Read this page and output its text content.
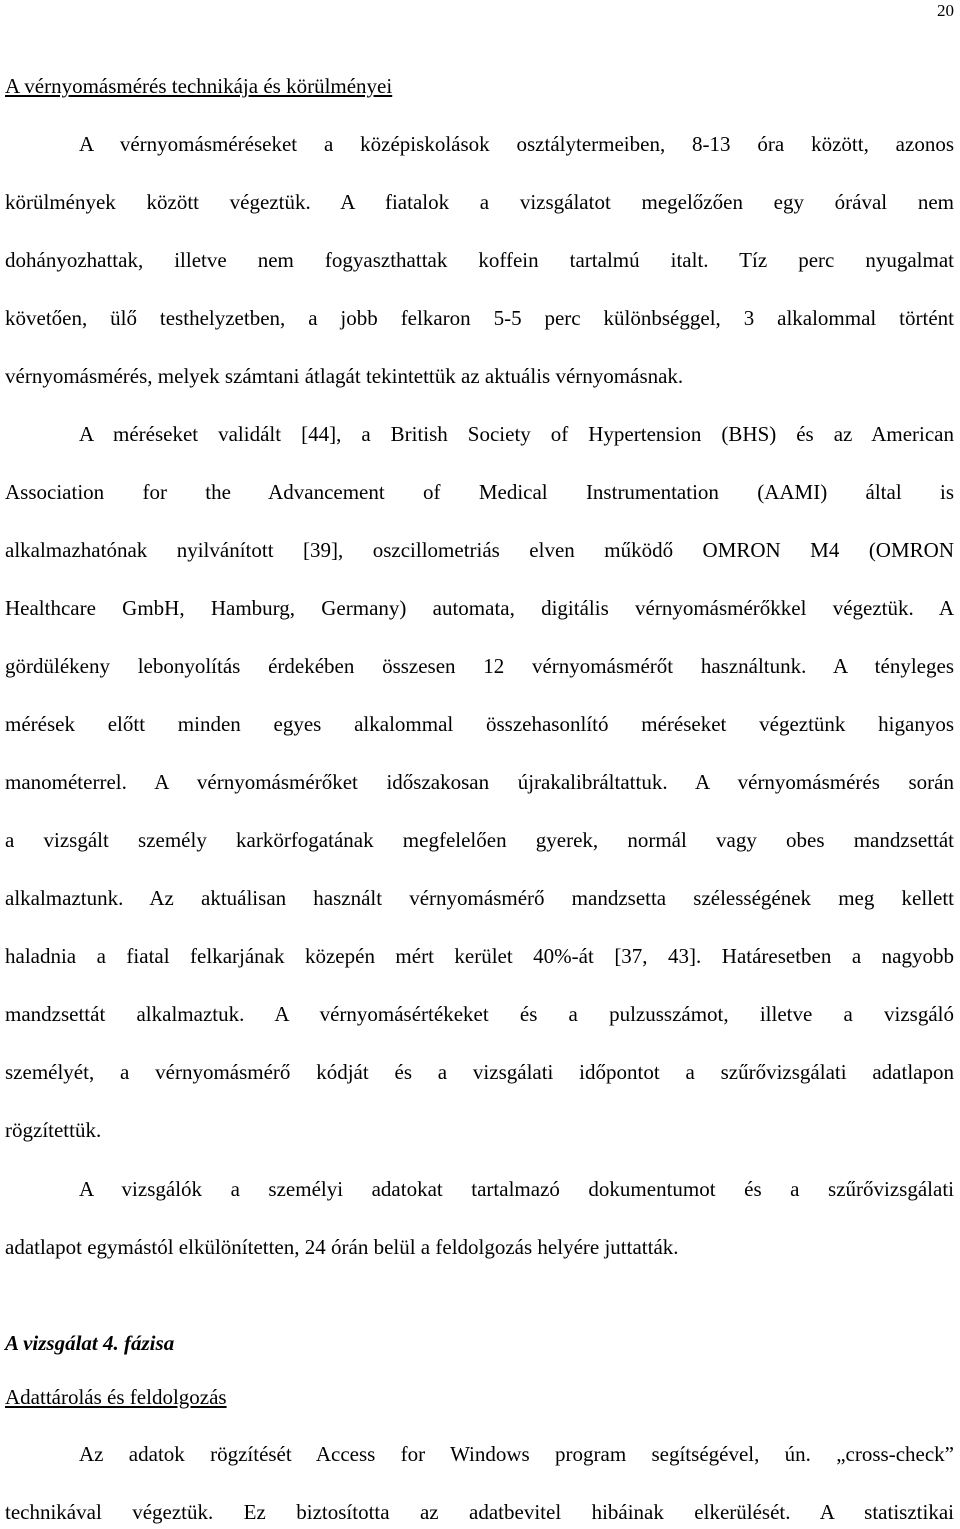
20
A vérnyomásmérés technikája és körülményei
A vérnyomásméréseket a középiskolások osztálytermeiben, 8-13 óra között, azonos
körülmények között végeztük. A fiatalok a vizsgálatot megelőzően egy órával nem
dohányozhattak, illetve nem fogyaszthattak koffein tartalmú italt. Tíz perc nyugalmat
követően, ülő testhelyzetben, a jobb felkaron 5-5 perc különbséggel, 3 alkalommal történt
vérnyomásmérés, melyek számtani átlagát tekintettük az aktuális vérnyomásnak.
A méréseket validált [44], a British Society of Hypertension (BHS) és az American
Association for the Advancement of Medical Instrumentation (AAMI) által is
alkalmazhatónak nyilvánított [39], oszcillometriás elven működő OMRON M4 (OMRON
Healthcare GmbH, Hamburg, Germany) automata, digitális vérnyomásmérőkkel végeztük. A
gördülékeny lebonyolítás érdekében összesen 12 vérnyomásmérőt használtunk. A tényleges
mérések előtt minden egyes alkalommal összehasonlító méréseket végeztünk higanyos
manométerrel. A vérnyomásmérőket időszakosan újrakalibráltattuk. A vérnyomásmérés során
a vizsgált személy karkörfogatának megfelelően gyerek, normál vagy obes mandzsettát
alkalmaztunk. Az aktuálisan használt vérnyomásmérő mandzsetta szélességének meg kellett
haladnia a fiatal felkarjának közepén mért kerület 40%-át [37, 43]. Határesetben a nagyobb
mandzsettát alkalmaztuk. A vérnyomásértékeket és a pulzusszámot, illetve a vizsgáló
személyét, a vérnyomásmérő kódját és a vizsgálati időpontot a szűrővizsgálati adatlapon
rögzítettük.
A vizsgálók a személyi adatokat tartalmazó dokumentumot és a szűrővizsgálati
adatlapot egymástól elkülönítetten, 24 órán belül a feldolgozás helyére juttatták.
A vizsgálat 4. fázisa
Adattárolás és feldolgozás
Az adatok rögzítését Access for Windows program segítségével, ún. „cross-check”
technikával végeztük. Ez biztosította az adatbevitel hibáinak elkerülését. A statisztikai
